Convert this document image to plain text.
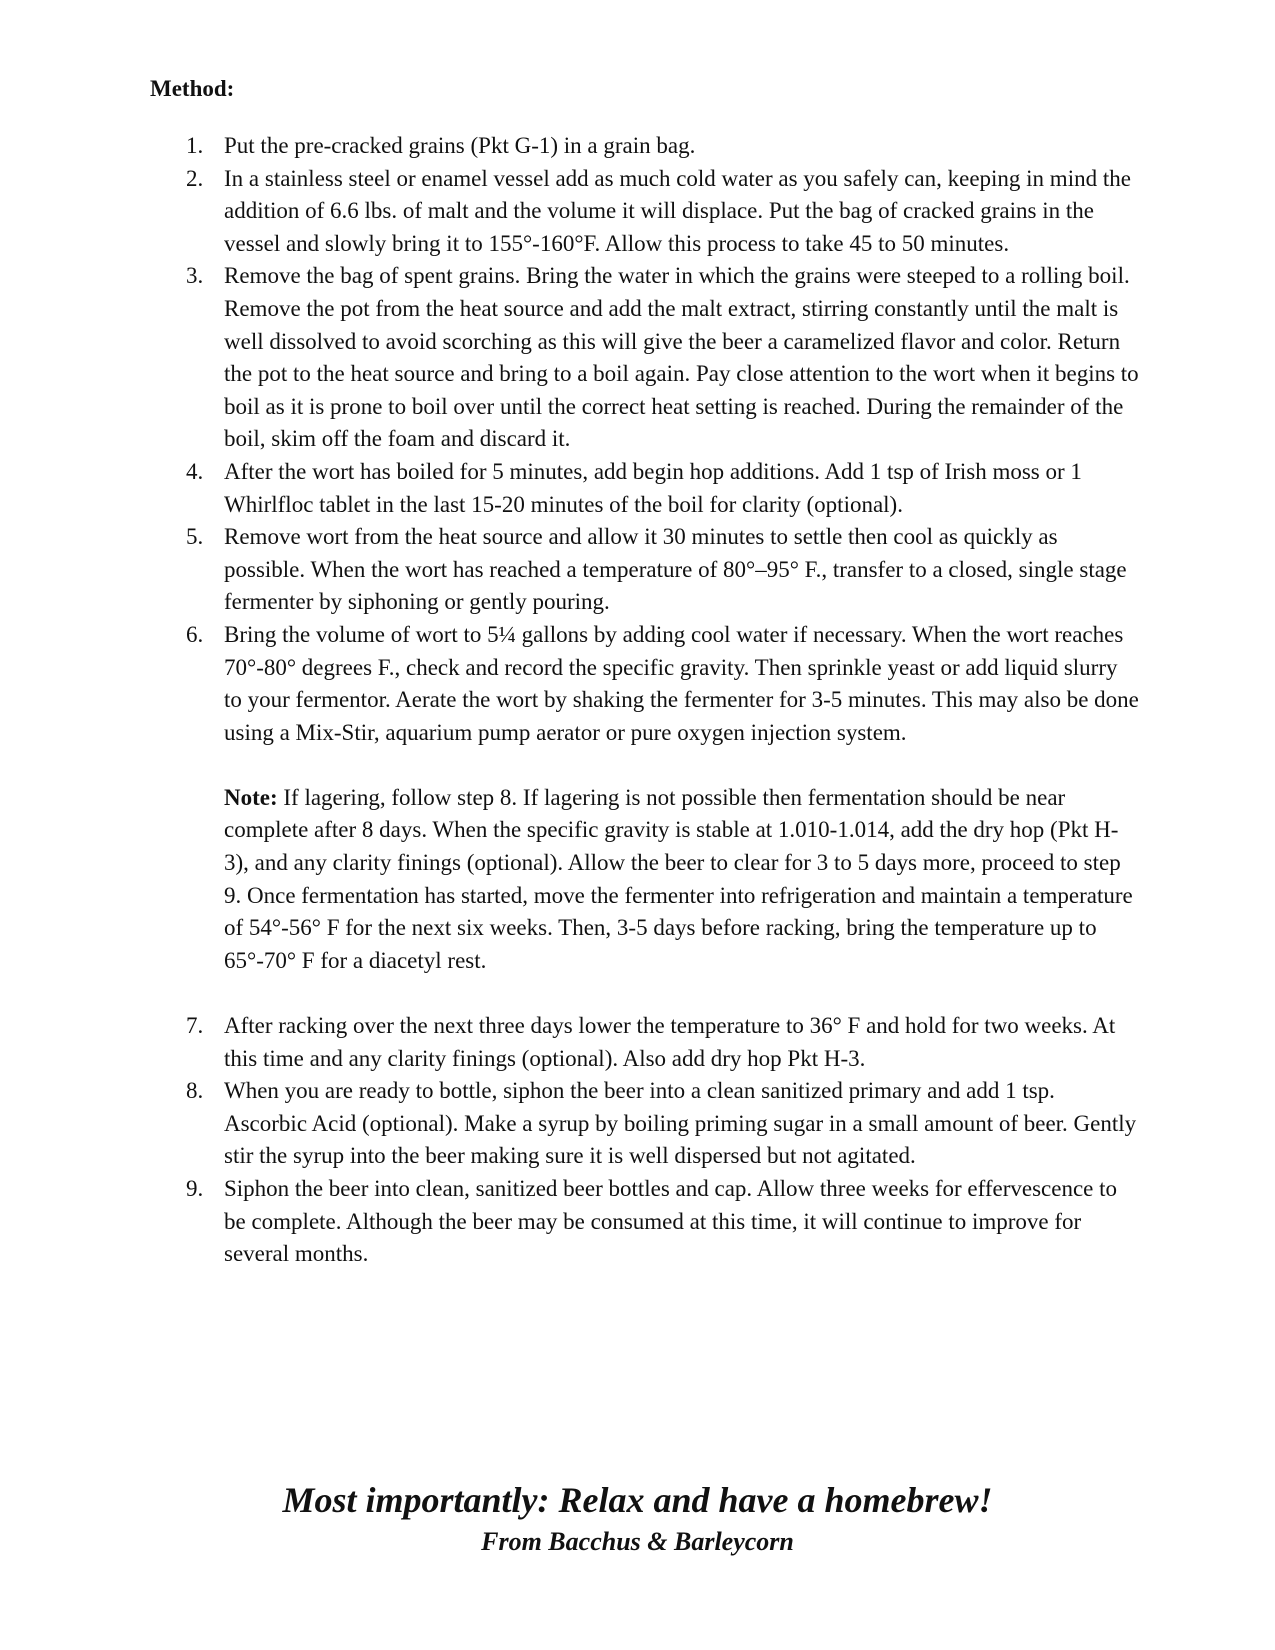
Method:
1. Put the pre-cracked grains (Pkt G-1) in a grain bag.
2. In a stainless steel or enamel vessel add as much cold water as you safely can, keeping in mind the addition of 6.6 lbs. of malt and the volume it will displace. Put the bag of cracked grains in the vessel and slowly bring it to 155°-160°F. Allow this process to take 45 to 50 minutes.
3. Remove the bag of spent grains. Bring the water in which the grains were steeped to a rolling boil. Remove the pot from the heat source and add the malt extract, stirring constantly until the malt is well dissolved to avoid scorching as this will give the beer a caramelized flavor and color. Return the pot to the heat source and bring to a boil again. Pay close attention to the wort when it begins to boil as it is prone to boil over until the correct heat setting is reached. During the remainder of the boil, skim off the foam and discard it.
4. After the wort has boiled for 5 minutes, add begin hop additions. Add 1 tsp of Irish moss or 1 Whirlfloc tablet in the last 15-20 minutes of the boil for clarity (optional).
5. Remove wort from the heat source and allow it 30 minutes to settle then cool as quickly as possible. When the wort has reached a temperature of 80°–95° F., transfer to a closed, single stage fermenter by siphoning or gently pouring.
6. Bring the volume of wort to 5¼ gallons by adding cool water if necessary. When the wort reaches 70°-80° degrees F., check and record the specific gravity. Then sprinkle yeast or add liquid slurry to your fermentor. Aerate the wort by shaking the fermenter for 3-5 minutes. This may also be done using a Mix-Stir, aquarium pump aerator or pure oxygen injection system.
Note: If lagering, follow step 8. If lagering is not possible then fermentation should be near complete after 8 days. When the specific gravity is stable at 1.010-1.014, add the dry hop (Pkt H-3), and any clarity finings (optional). Allow the beer to clear for 3 to 5 days more, proceed to step 9. Once fermentation has started, move the fermenter into refrigeration and maintain a temperature of 54°-56° F for the next six weeks. Then, 3-5 days before racking, bring the temperature up to 65°-70° F for a diacetyl rest.
7. After racking over the next three days lower the temperature to 36° F and hold for two weeks. At this time and any clarity finings (optional). Also add dry hop Pkt H-3.
8. When you are ready to bottle, siphon the beer into a clean sanitized primary and add 1 tsp. Ascorbic Acid (optional). Make a syrup by boiling priming sugar in a small amount of beer. Gently stir the syrup into the beer making sure it is well dispersed but not agitated.
9. Siphon the beer into clean, sanitized beer bottles and cap. Allow three weeks for effervescence to be complete. Although the beer may be consumed at this time, it will continue to improve for several months.
Most importantly: Relax and have a homebrew!
From Bacchus & Barleycorn
